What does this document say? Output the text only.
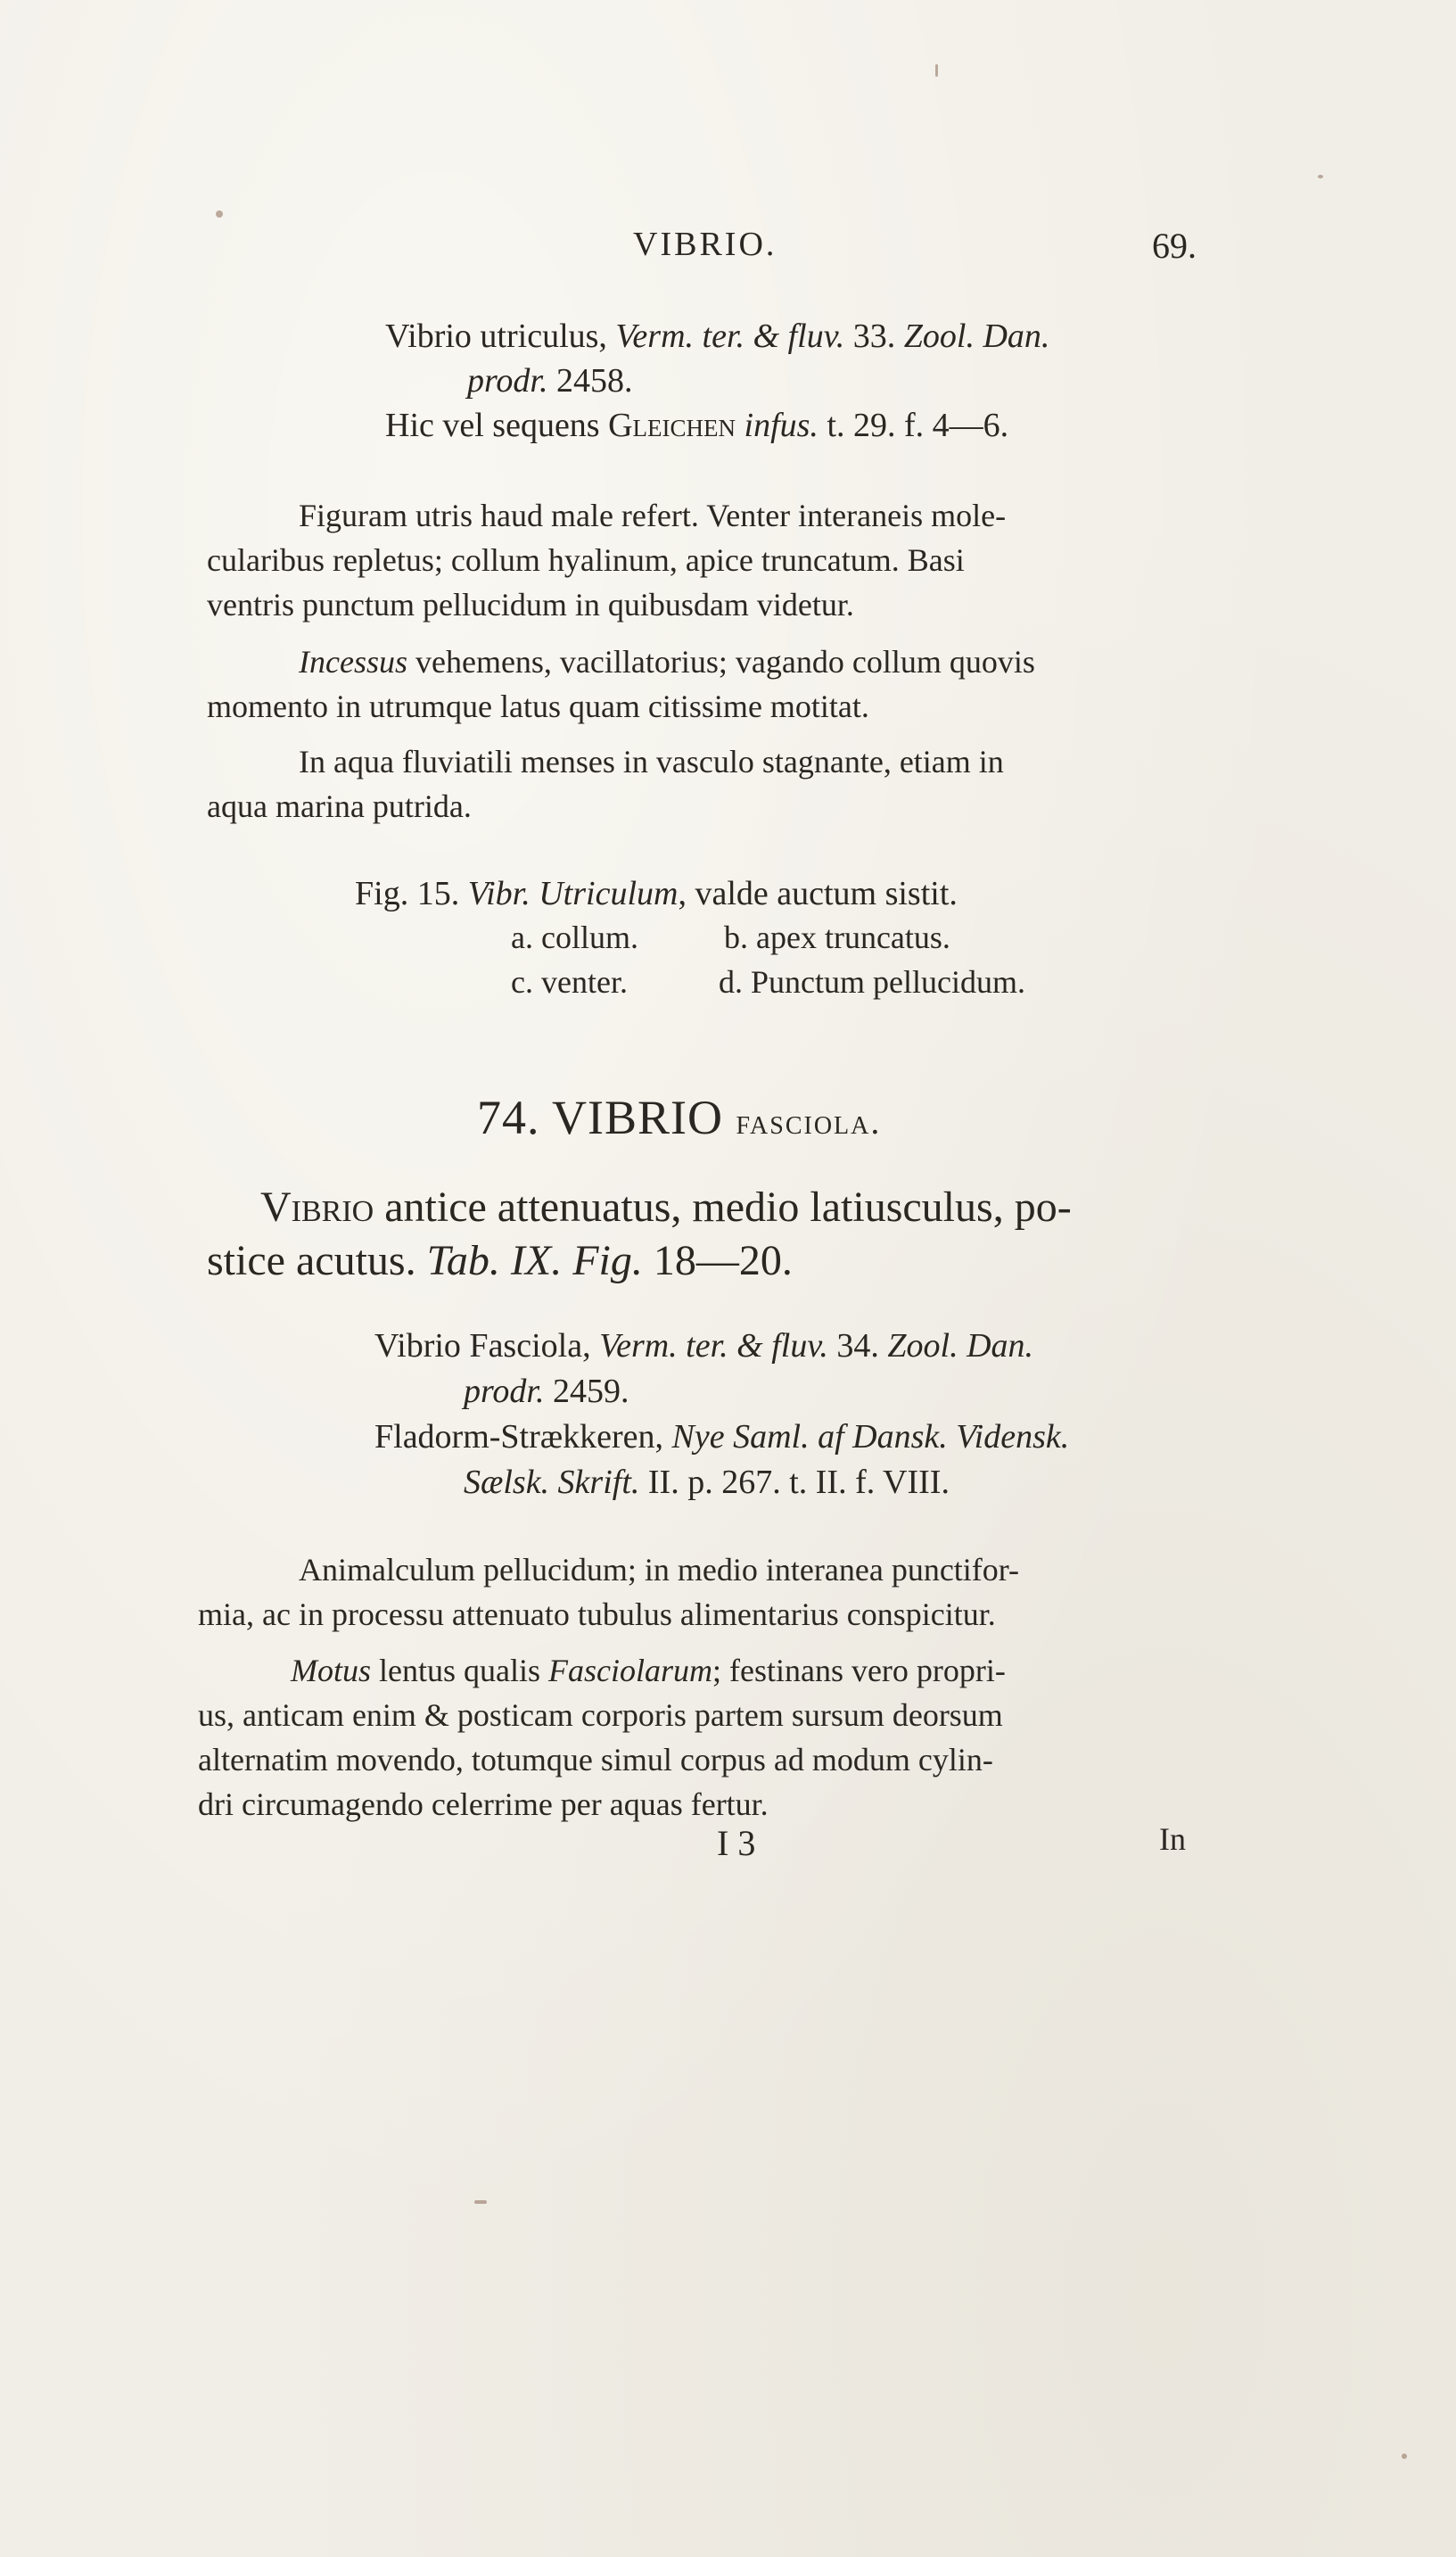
VIBRIO.	69.
Vibrio utriculus, Verm. ter. & fluv. 33. Zool. Dan.
prodr. 2458.
Hic vel sequens Gleichen infus. t. 29. f. 4—6.
Figuram utris haud male refert. Venter interaneis mole-
cularibus repletus; collum hyalinum, apice truncatum. Basi
ventris punctum pellucidum in quibusdam videtur.
Incessus vehemens, vacillatorius; vagando collum quovis
momento in utrumque latus quam citissime motitat.
In aqua fluviatili menses in vasculo stagnante, etiam in
aqua marina putrida.
Fig. 15. Vibr. Utriculum, valde auctum sistit.
a. collum.	b. apex truncatus.
c. venter.	d. Punctum pellucidum.
74. VIBRIO fasciola.
Vibrio antice attenuatus, medio latiusculus, po-
stice acutus. Tab. IX. Fig. 18—20.
Vibrio Fasciola, Verm. ter. & fluv. 34. Zool. Dan.
prodr. 2459.
Fladorm-Strækkeren, Nye Saml. af Dansk. Vidensk.
Sælsk. Skrift. II. p. 267. t. II. f. VIII.
Animalculum pellucidum; in medio interanea punctifor-
mia, ac in processu attenuato tubulus alimentarius conspicitur.
Motus lentus qualis Fasciolarum; festinans vero propri-
us, anticam enim & posticam corporis partem sursum deorsum
alternatim movendo, totumque simul corpus ad modum cylin-
dri circumagendo celerrime per aquas fertur.
I 3	In
